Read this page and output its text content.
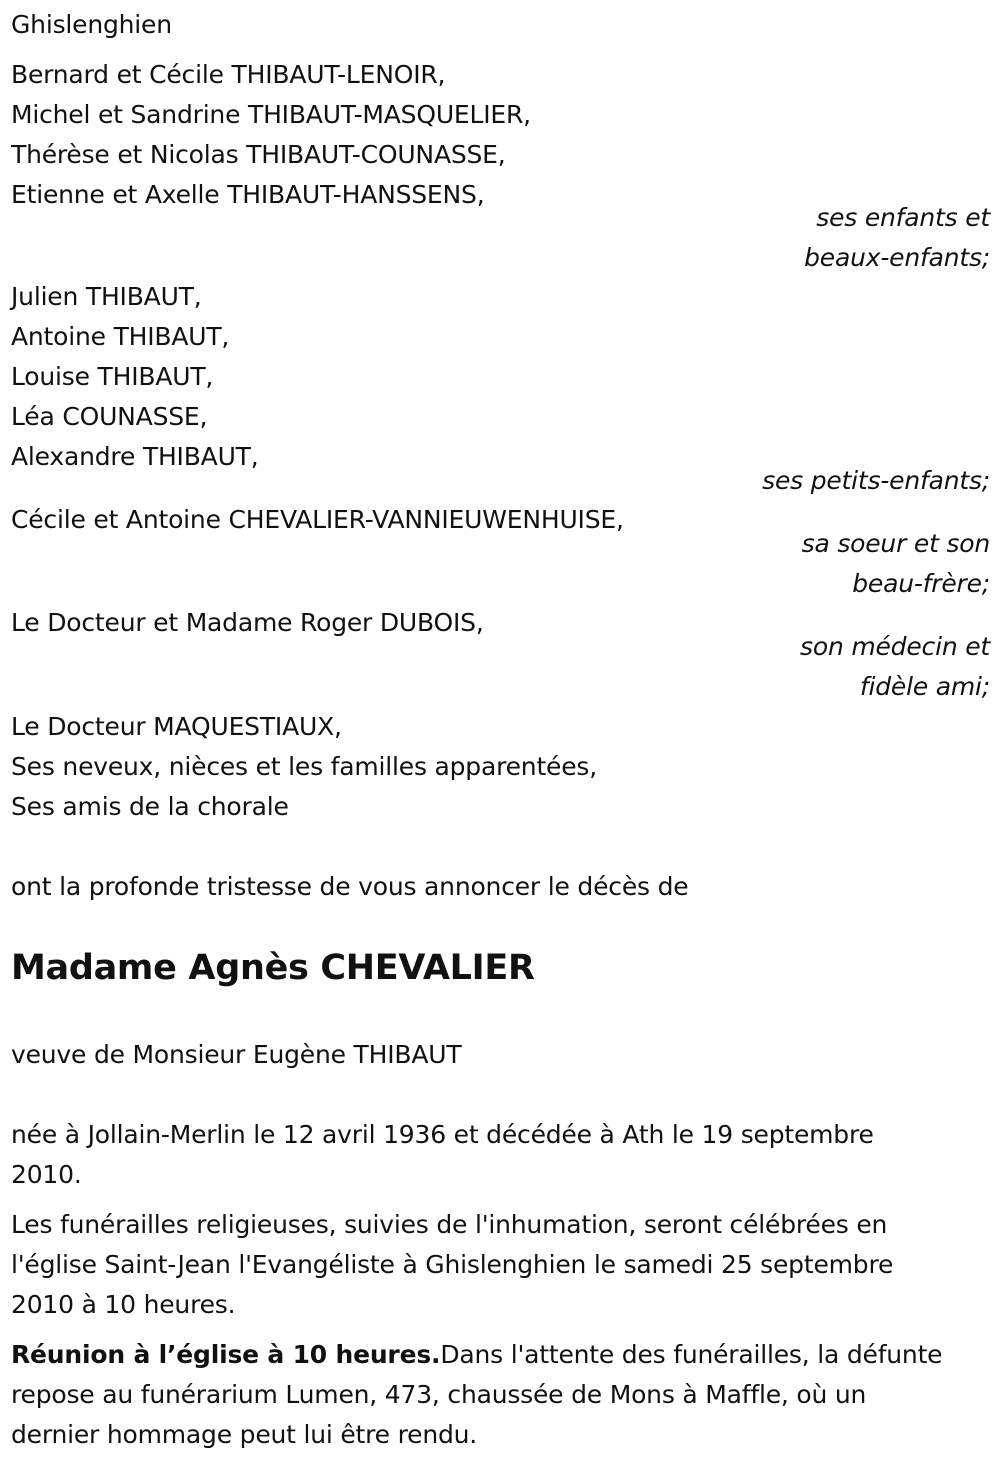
Ghislenghien
Bernard et Cécile THIBAUT-LENOIR,
Michel et Sandrine THIBAUT-MASQUELIER,
Thérèse et Nicolas THIBAUT-COUNASSE,
Etienne et Axelle THIBAUT-HANSSENS,
ses enfants et
beaux-enfants;
Julien THIBAUT,
Antoine THIBAUT,
Louise THIBAUT,
Léa COUNASSE,
Alexandre THIBAUT,
ses petits-enfants;
Cécile et Antoine CHEVALIER-VANNIEUWENHUISE,
sa soeur et son
beau-frère;
Le Docteur et Madame Roger DUBOIS,
son médecin et
fidèle ami;
Le Docteur MAQUESTIAUX,
Ses neveux, nièces et les familles apparentées,
Ses amis de la chorale
ont la profonde tristesse de vous annoncer le décès de
Madame Agnès CHEVALIER
veuve de Monsieur Eugène THIBAUT
née à Jollain-Merlin le 12 avril 1936 et décédée à Ath le 19 septembre
2010.
Les funérailles religieuses, suivies de l'inhumation, seront célébrées en
l'église Saint-Jean l'Evangéliste à Ghislenghien le samedi 25 septembre
2010 à 10 heures.
Réunion à l’église à 10 heures.Dans l'attente des funérailles, la défunte
repose au funérarium Lumen, 473, chaussée de Mons à Maffle, où un
dernier hommage peut lui être rendu.
